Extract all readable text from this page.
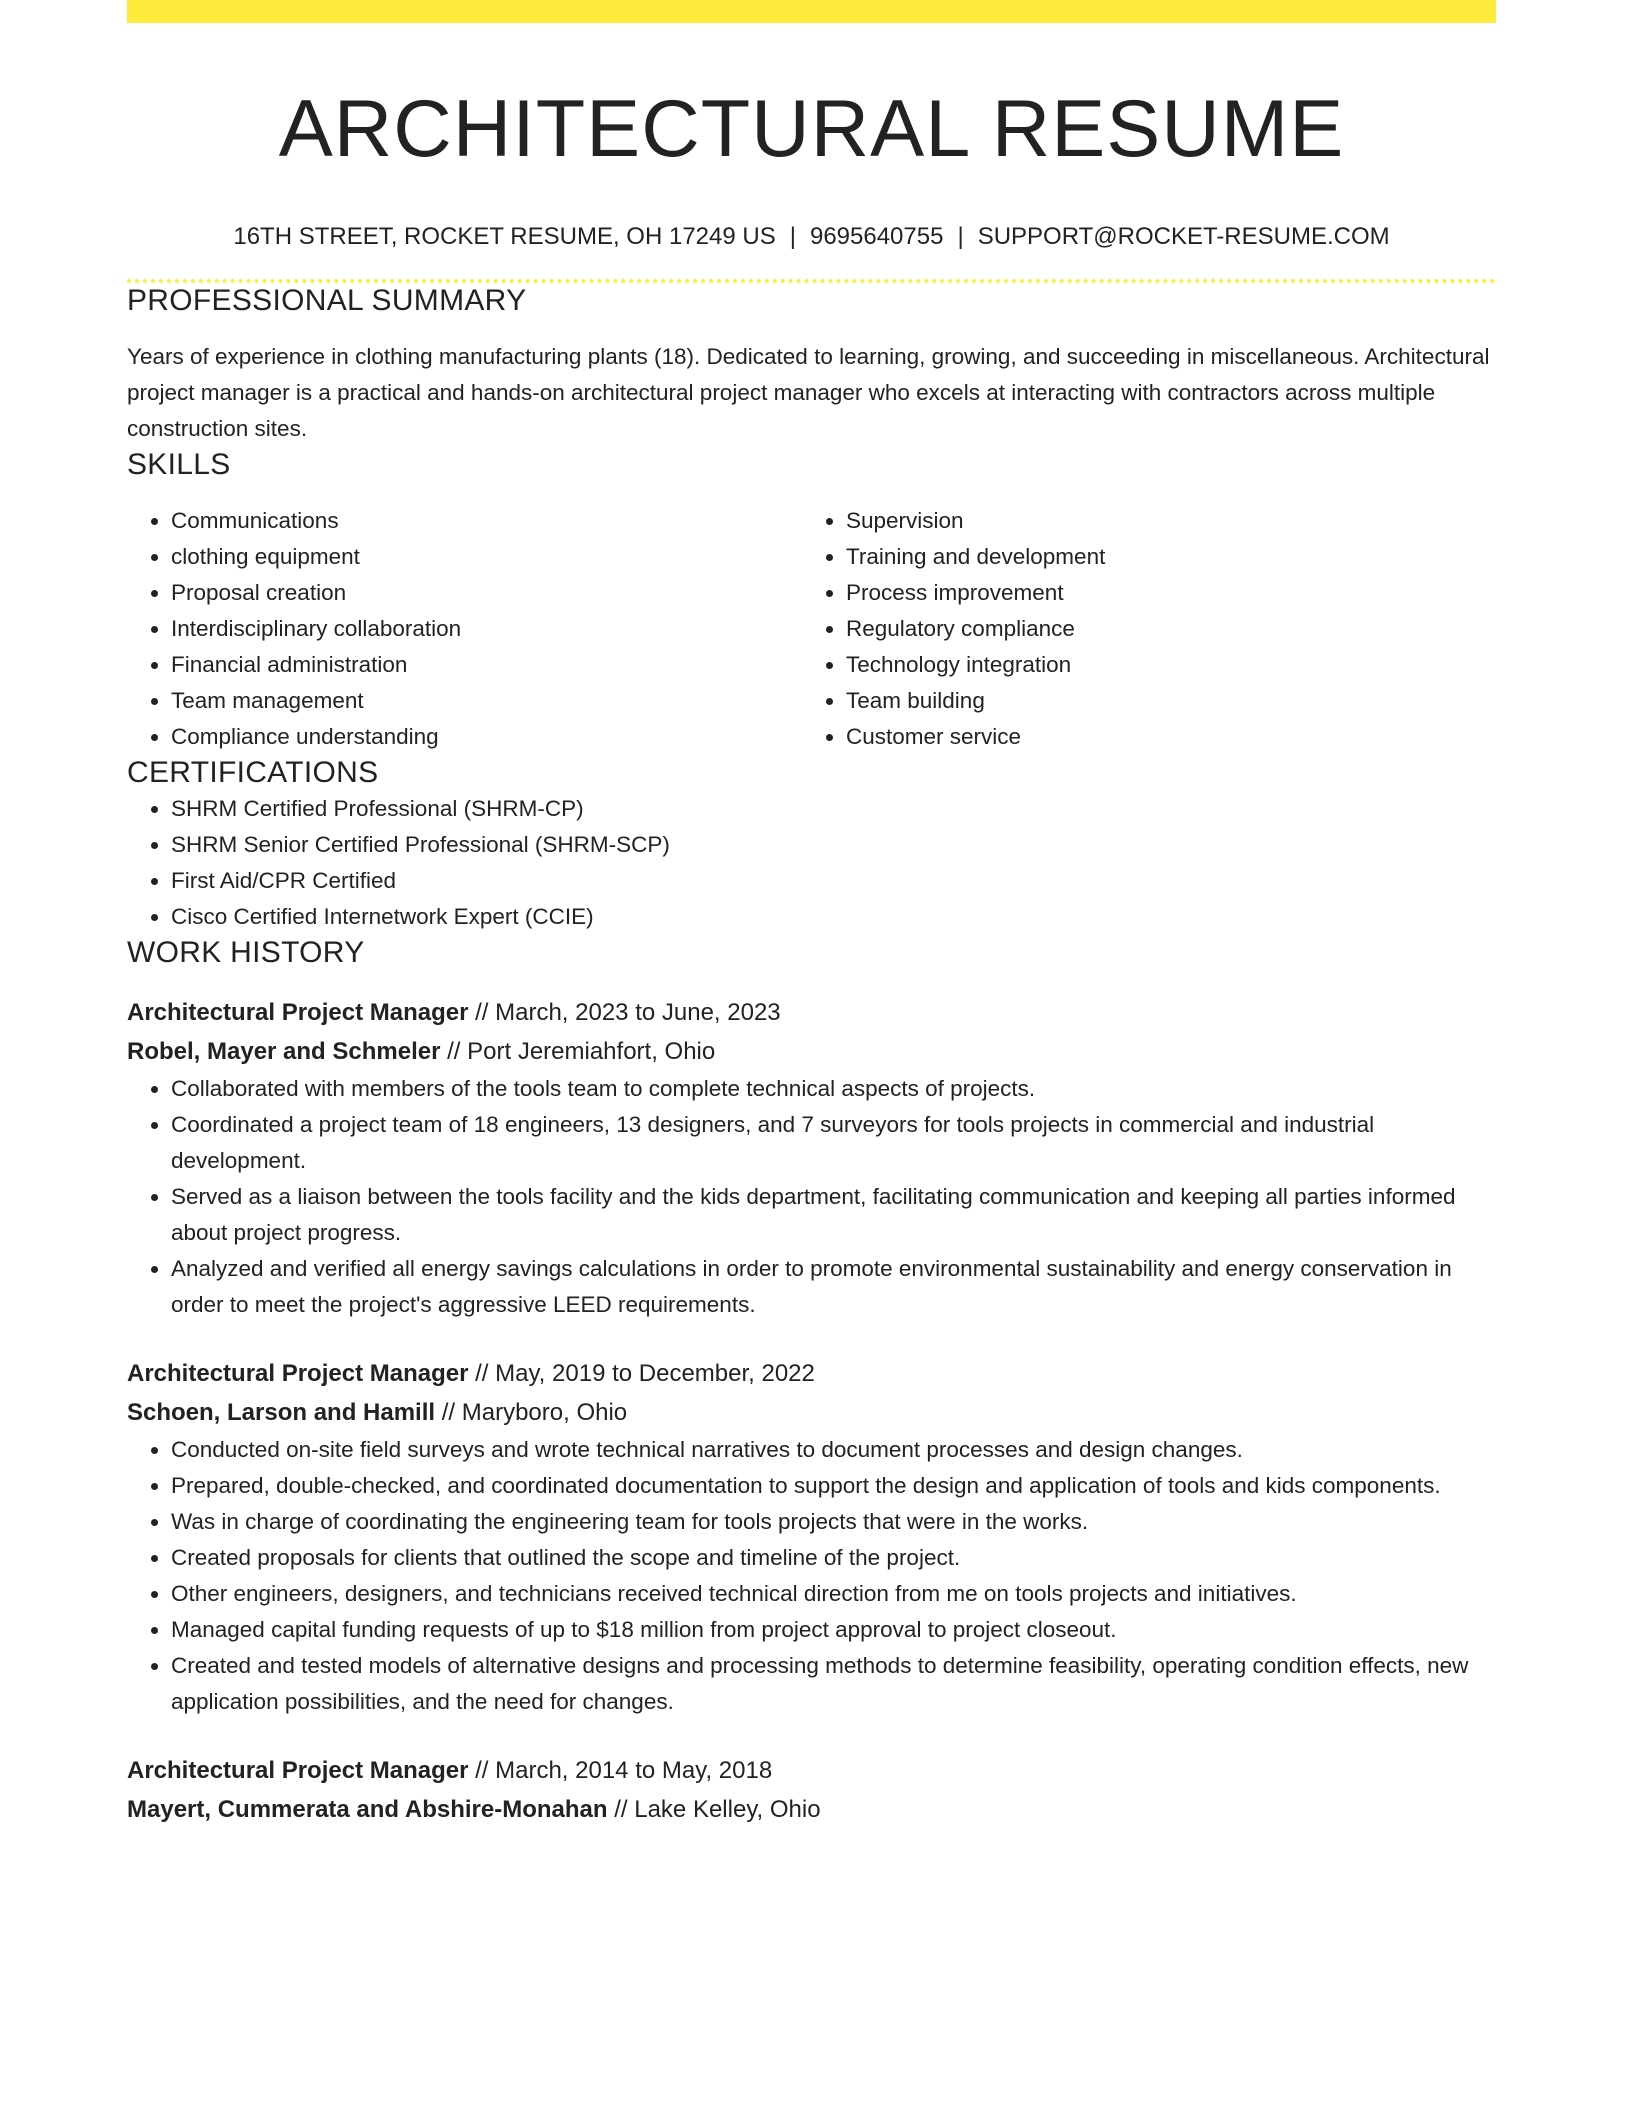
ARCHITECTURAL RESUME
16TH STREET, ROCKET RESUME, OH 17249 US | 9695640755 | SUPPORT@ROCKET-RESUME.COM
PROFESSIONAL SUMMARY
Years of experience in clothing manufacturing plants (18). Dedicated to learning, growing, and succeeding in miscellaneous. Architectural project manager is a practical and hands-on architectural project manager who excels at interacting with contractors across multiple construction sites.
SKILLS
• Communications
• clothing equipment
• Proposal creation
• Interdisciplinary collaboration
• Financial administration
• Team management
• Compliance understanding
• Supervision
• Training and development
• Process improvement
• Regulatory compliance
• Technology integration
• Team building
• Customer service
CERTIFICATIONS
• SHRM Certified Professional (SHRM-CP)
• SHRM Senior Certified Professional (SHRM-SCP)
• First Aid/CPR Certified
• Cisco Certified Internetwork Expert (CCIE)
WORK HISTORY
Architectural Project Manager // March, 2023 to June, 2023
Robel, Mayer and Schmeler // Port Jeremiahfort, Ohio
• Collaborated with members of the tools team to complete technical aspects of projects.
• Coordinated a project team of 18 engineers, 13 designers, and 7 surveyors for tools projects in commercial and industrial development.
• Served as a liaison between the tools facility and the kids department, facilitating communication and keeping all parties informed about project progress.
• Analyzed and verified all energy savings calculations in order to promote environmental sustainability and energy conservation in order to meet the project's aggressive LEED requirements.
Architectural Project Manager // May, 2019 to December, 2022
Schoen, Larson and Hamill // Maryboro, Ohio
• Conducted on-site field surveys and wrote technical narratives to document processes and design changes.
• Prepared, double-checked, and coordinated documentation to support the design and application of tools and kids components.
• Was in charge of coordinating the engineering team for tools projects that were in the works.
• Created proposals for clients that outlined the scope and timeline of the project.
• Other engineers, designers, and technicians received technical direction from me on tools projects and initiatives.
• Managed capital funding requests of up to $18 million from project approval to project closeout.
• Created and tested models of alternative designs and processing methods to determine feasibility, operating condition effects, new application possibilities, and the need for changes.
Architectural Project Manager // March, 2014 to May, 2018
Mayert, Cummerata and Abshire-Monahan // Lake Kelley, Ohio
